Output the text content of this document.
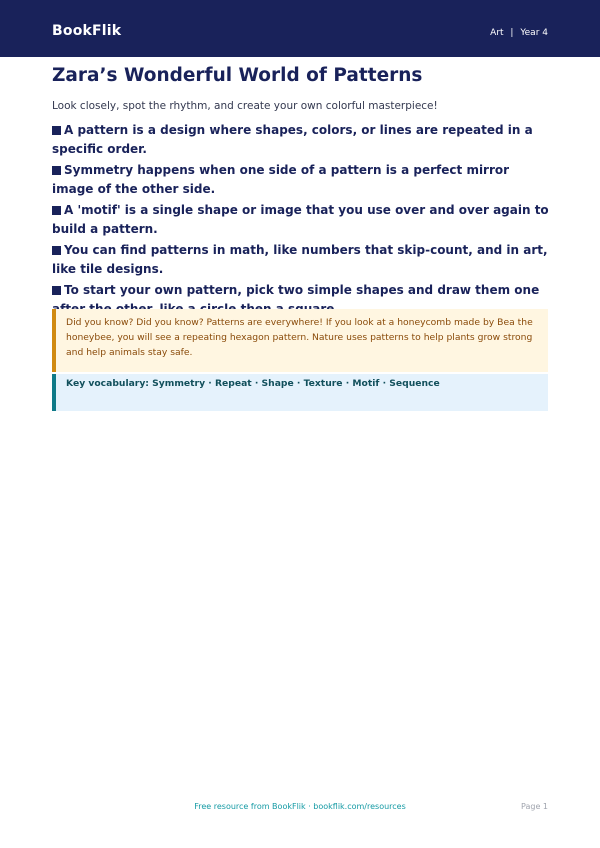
BookFlik	Art | Year 4
Zara’s Wonderful World of Patterns
Look closely, spot the rhythm, and create your own colorful masterpiece!
A pattern is a design where shapes, colors, or lines are repeated in a specific order.
Symmetry happens when one side of a pattern is a perfect mirror image of the other side.
A 'motif' is a single shape or image that you use over and over again to build a pattern.
You can find patterns in math, like numbers that skip-count, and in art, like tile designs.
To start your own pattern, pick two simple shapes and draw them one
Did you know? Did you know? Patterns are everywhere! If you look at a honeycomb made by Bea the honeybee, you will see a repeating hexagon pattern. Nature uses patterns to help plants grow strong and help animals stay safe.
Key vocabulary: Symmetry · Repeat · Shape · Texture · Motif · Sequence
Free resource from BookFlik · bookflik.com/resources	Page 1
